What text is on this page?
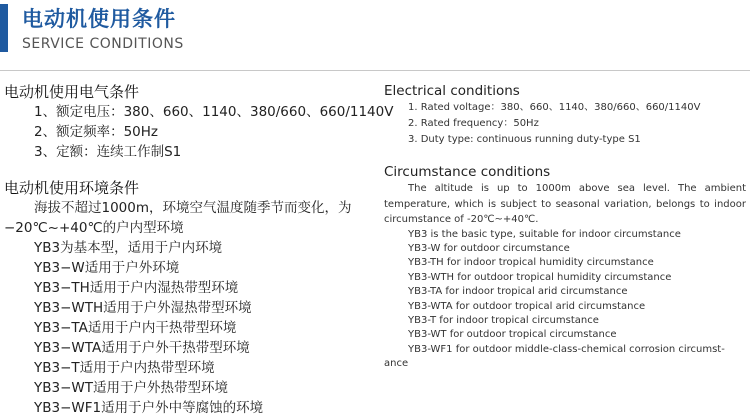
电动机使用条件
SERVICE CONDITIONS
电动机使用电气条件
1、额定电压：380、660、1140、380/660、660/1140V
2、额定频率：50Hz
3、定额：连续工作制S1
电动机使用环境条件
海拔不超过1000m，环境空气温度随季节而变化，为−20℃~+40℃的户内型环境
YB3为基本型，适用于户内环境
YB3−W适用于户外环境
YB3−TH适用于户内湿热带型环境
YB3−WTH适用于户外湿热带型环境
YB3−TA适用于户内干热带型环境
YB3−WTA适用于户外干热带型环境
YB3−T适用于户内热带型环境
YB3−WT适用于户外热带型环境
YB3−WF1适用于户外中等腐蚀的环境
Electrical conditions
1. Rated voltage：380、660、1140、380/660、660/1140V
2. Rated frequency：50Hz
3. Duty type: continuous running duty-type S1
Circumstance conditions
The altitude is up to 1000m above sea level. The ambient temperature, which is subject to seasonal variation, belongs to indoor circumstance of -20℃~+40℃.
YB3 is the basic type, suitable for indoor circumstance
YB3-W for outdoor circumstance
YB3-TH for indoor tropical humidity circumstance
YB3-WTH for outdoor tropical humidity circumstance
YB3-TA for indoor tropical arid circumstance
YB3-WTA for outdoor tropical arid circumstance
YB3-T for indoor tropical circumstance
YB3-WT for outdoor tropical circumstance
YB3-WF1 for outdoor middle-class-chemical corrosion circumst-
ance
